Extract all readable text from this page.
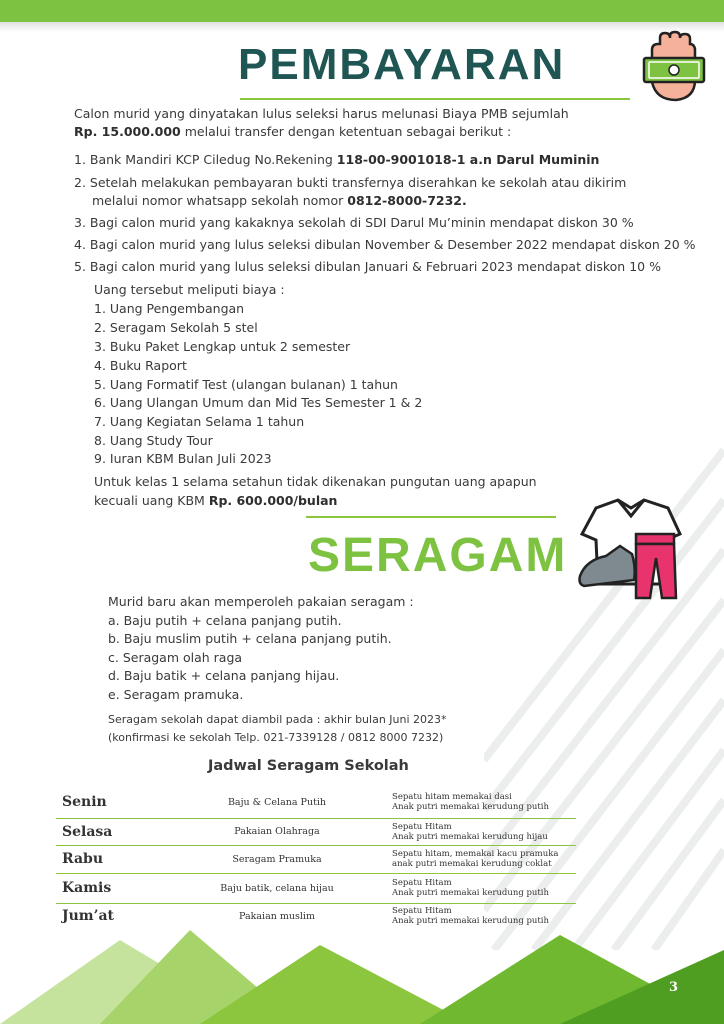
PEMBAYARAN
Calon murid yang dinyatakan lulus seleksi harus melunasi Biaya PMB sejumlah
Rp. 15.000.000 melalui transfer dengan ketentuan sebagai berikut :
1. Bank Mandiri KCP Ciledug No.Rekening 118-00-9001018-1 a.n Darul Muminin
2. Setelah melakukan pembayaran bukti transfernya diserahkan ke sekolah atau dikirim
melalui nomor whatsapp sekolah nomor 0812-8000-7232.
3. Bagi calon murid yang kakaknya sekolah di SDI Darul Mu’minin mendapat diskon 30 %
4. Bagi calon murid yang lulus seleksi dibulan November & Desember 2022 mendapat diskon 20 %
5. Bagi calon murid yang lulus seleksi dibulan Januari & Februari 2023 mendapat diskon 10 %
Uang tersebut meliputi biaya :
1. Uang Pengembangan
2. Seragam Sekolah 5 stel
3. Buku Paket Lengkap untuk 2 semester
4. Buku Raport
5. Uang Formatif Test (ulangan bulanan) 1 tahun
6. Uang Ulangan Umum dan Mid Tes Semester 1 & 2
7. Uang Kegiatan Selama 1 tahun
8. Uang Study Tour
9. Iuran KBM Bulan Juli 2023
Untuk kelas 1 selama setahun tidak dikenakan pungutan uang apapun
kecuali uang KBM Rp. 600.000/bulan
SERAGAM
Murid baru akan memperoleh pakaian seragam :
a. Baju putih + celana panjang putih.
b. Baju muslim putih + celana panjang putih.
c. Seragam olah raga
d. Baju batik + celana panjang hijau.
e. Seragam pramuka.
Seragam sekolah dapat diambil pada : akhir bulan Juni 2023*
(konfirmasi ke sekolah Telp. 021-7339128 / 0812 8000 7232)
Jadwal Seragam Sekolah
Senin	Baju & Celana Putih	Sepatu hitam memakai dasi
Anak putri memakai kerudung putih

Selasa	Pakaian Olahraga	Sepatu Hitam
Anak putri memakai kerudung hijau

Rabu	Seragam Pramuka	Sepatu hitam, memakai kacu pramuka
anak putri memakai kerudung coklat

Kamis	Baju batik, celana hijau	Sepatu Hitam
Anak putri memakai kerudung putih

Jum’at	Pakaian muslim	Sepatu Hitam
Anak putri memakai kerudung putih
3
